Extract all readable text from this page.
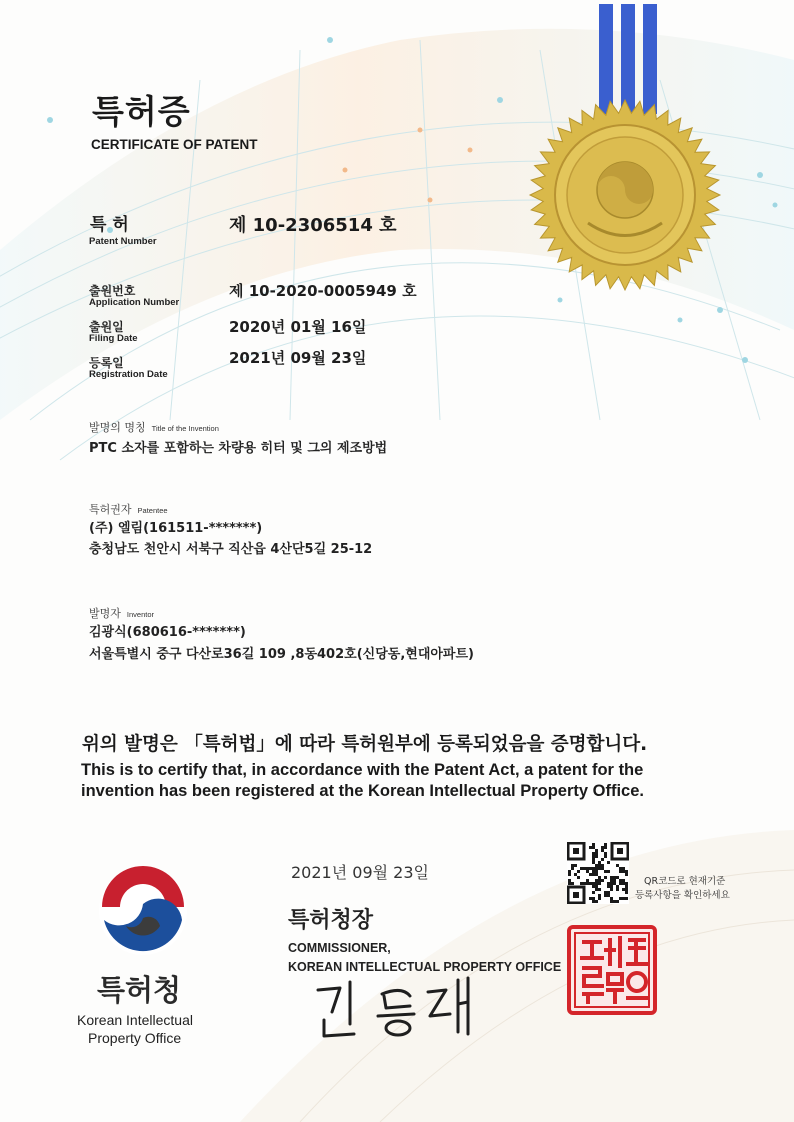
특허증
CERTIFICATE OF PATENT
특 허
Patent Number
제 10-2306514 호
출원번호
Application Number
제 10-2020-0005949 호
출원일
Filing Date
2020년 01월 16일
등록일
Registration Date
2021년 09월 23일
발명의 명칭 Title of the Invention
PTC 소자를 포함하는 차량용 히터 및 그의 제조방법
특허권자 Patentee
(주) 엘림(161511-*******)
충청남도 천안시 서북구 직산읍 4산단5길 25-12
발명자 Inventor
김광식(680616-*******)
서울특별시 중구 다산로36길 109 ,8동402호(신당동,현대아파트)
위의 발명은 「특허법」에 따라 특허원부에 등록되었음을 증명합니다.
This is to certify that, in accordance with the Patent Act, a patent for the
invention has been registered at the Korean Intellectual Property Office.
특허청
Korean Intellectual
Property Office
2021년 09월 23일	QR코드로 현재기준
등록사항을 확인하세요
특허청장
COMMISSIONER,
KOREAN INTELLECTUAL PROPERTY OFFICE
